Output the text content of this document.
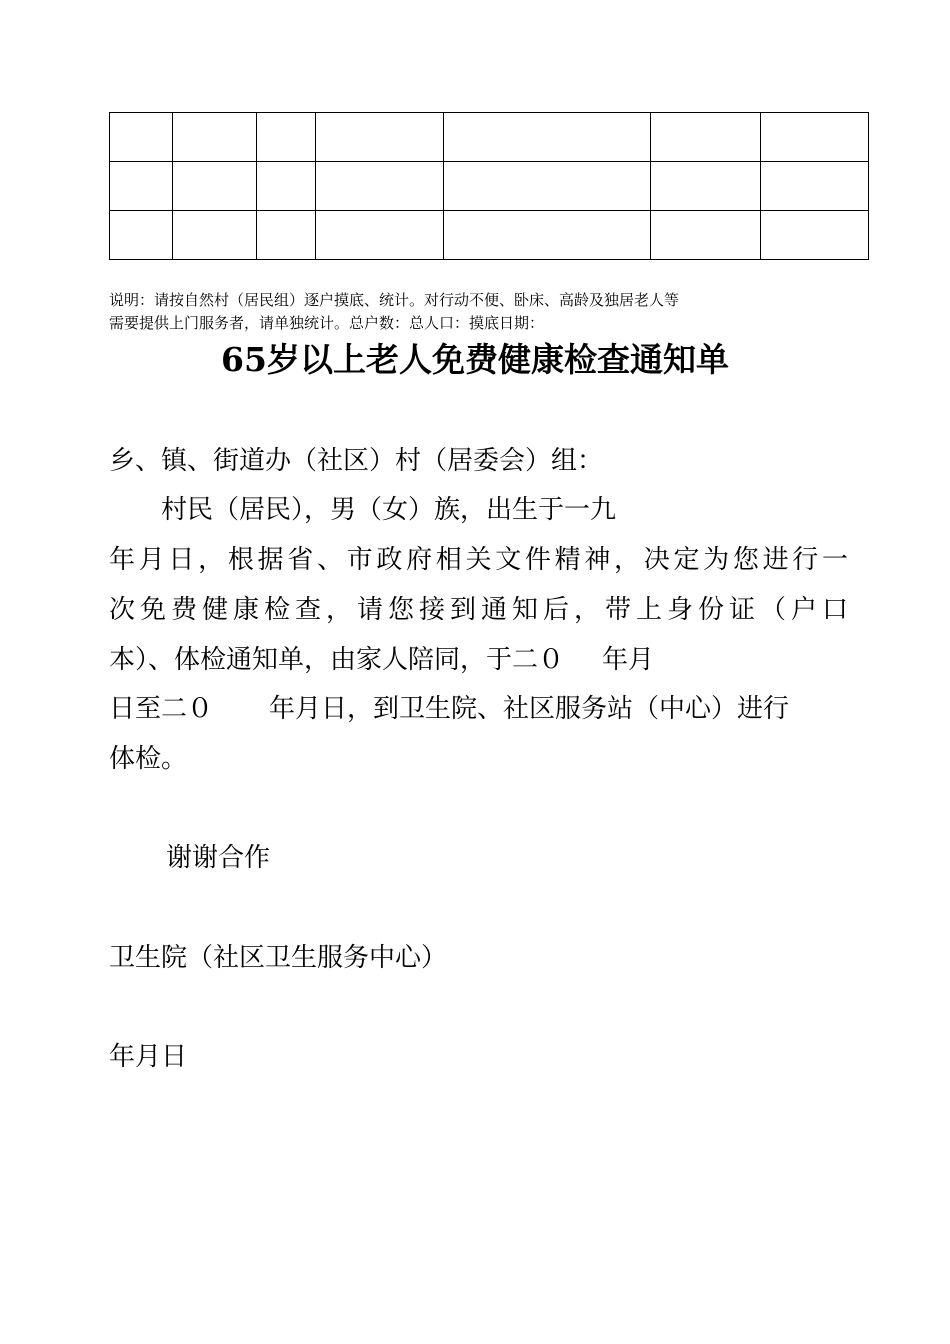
说明：请按自然村（居民组）逐户摸底、统计。对行动不便、卧床、高龄及独居老人等

需要提供上门服务者，请单独统计。总户数：总人口：摸底日期：

65岁以上老人免费健康检查通知单

乡、镇、街道办（社区）村（居委会）组：

村民（居民），男（女）族，出生于一九

年月日，根据省、市政府相关文件精神，决定为您进行一

次免费健康检查，请您接到通知后，带上身份证（户口

本）、体检通知单，由家人陪同，于二０ 年月

日至二０ 年月日，到卫生院、社区服务站（中心）进行

体检。

谢谢合作

卫生院（社区卫生服务中心）

年月日
